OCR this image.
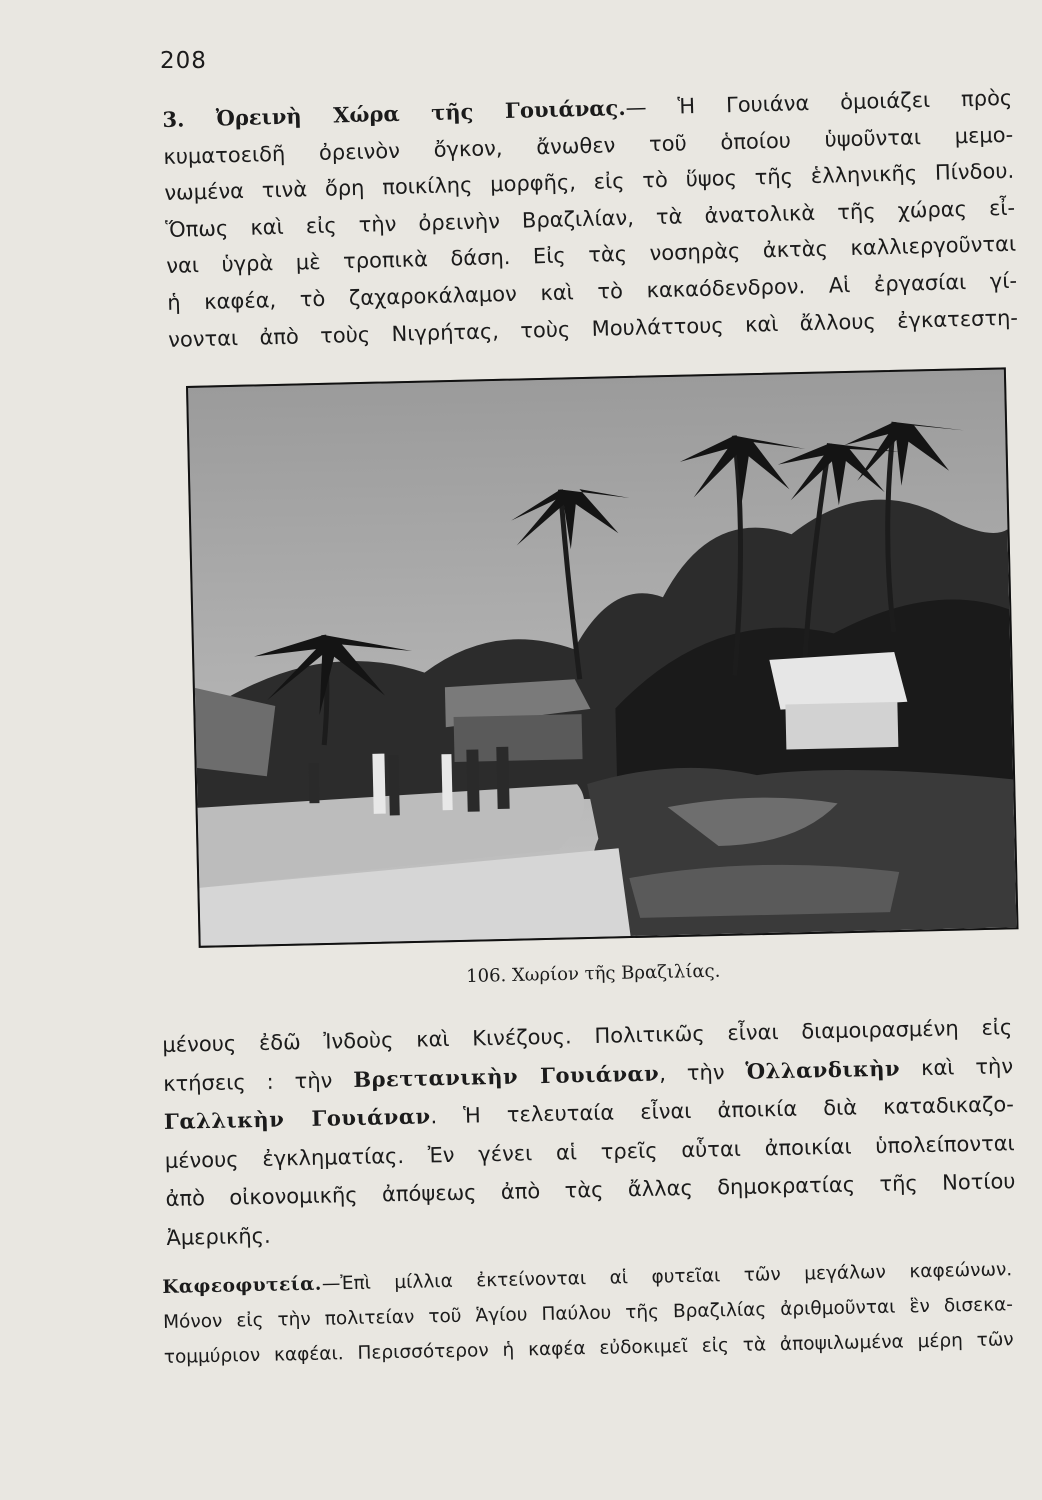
208
3. Ὀρεινὴ Χώρα τῆς Γουιάνας.— Ἡ Γουιάνα ὁμοιάζει πρὸς
κυματοειδῆ ὀρεινὸν ὄγκον, ἄνωθεν τοῦ ὁποίου ὑψοῦνται μεμο-
νωμένα τινὰ ὄρη ποικίλης μορφῆς, εἰς τὸ ὕψος τῆς ἑλληνικῆς Πίνδου.
Ὅπως καὶ εἰς τὴν ὀρεινὴν Βραζιλίαν, τὰ ἀνατολικὰ τῆς χώρας εἶ-
ναι ὑγρὰ μὲ τροπικὰ δάση. Εἰς τὰς νοσηρὰς ἀκτὰς καλλιεργοῦνται
ἡ καφέα, τὸ ζαχαροκάλαμον καὶ τὸ κακαόδενδρον. Αἱ ἐργασίαι γί-
νονται ἀπὸ τοὺς Νιγρήτας, τοὺς Μουλάττους καὶ ἄλλους ἐγκατεστη-
106. Χωρίον τῆς Βραζιλίας.
μένους ἐδῶ Ἰνδοὺς καὶ Κινέζους. Πολιτικῶς εἶναι διαμοιρασμένη εἰς
κτήσεις : τὴν Βρεττανικὴν Γουιάναν, τὴν Ὁλλανδικὴν καὶ τὴν
Γαλλικὴν Γουιάναν. Ἡ τελευταία εἶναι ἀποικία διὰ καταδικαζο-
μένους ἐγκληματίας. Ἐν γένει αἱ τρεῖς αὗται ἀποικίαι ὑπολείπονται
ἀπὸ οἰκονομικῆς ἀπόψεως ἀπὸ τὰς ἄλλας δημοκρατίας τῆς Νοτίου
Ἀμερικῆς.
Καφεοφυτεία.—Ἐπὶ μίλλια ἐκτείνονται αἱ φυτεῖαι τῶν μεγάλων καφεώνων.
Μόνον εἰς τὴν πολιτείαν τοῦ Ἁγίου Παύλου τῆς Βραζιλίας ἀριθμοῦνται ἓν δισεκα-
τομμύριον καφέαι. Περισσότερον ἡ καφέα εὐδοκιμεῖ εἰς τὰ ἀποψιλωμένα μέρη τῶν
